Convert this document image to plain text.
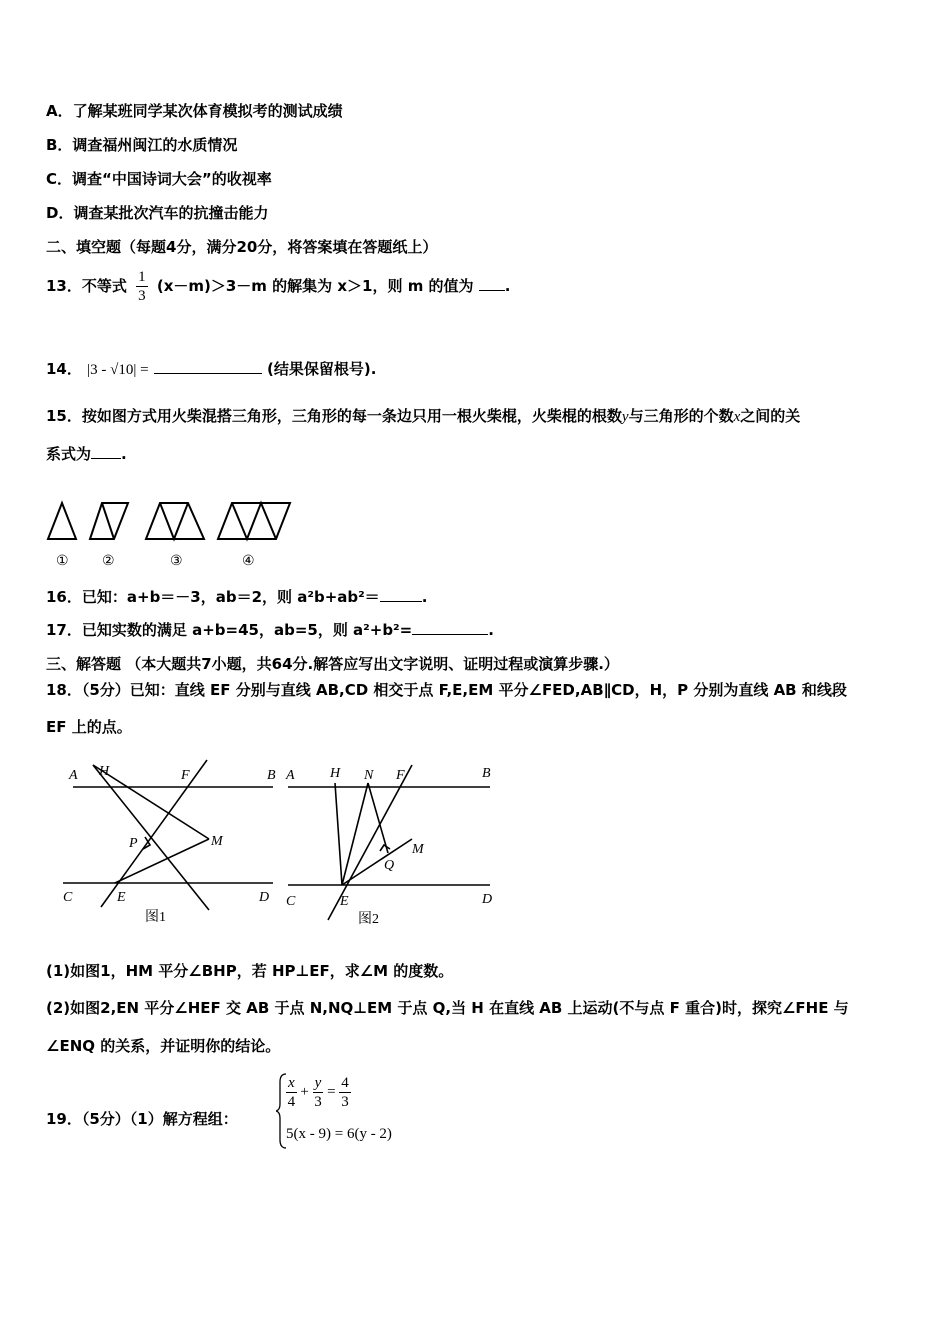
A．了解某班同学某次体育模拟考的测试成绩
B．调查福州闽江的水质情况
C．调查“中国诗词大会”的收视率
D．调查某批次汽车的抗撞击能力
二、填空题（每题4分，满分20分，将答案填在答题纸上）
13．不等式 $\frac{1}{3} (x-m)>3-m$ 的解集为 x＞1，则 m 的值为 .
14． |3 - √10| =	(结果保留根号).
15．按如图方式用火柴混搭三角形，三角形的每一条边只用一根火柴棍，火柴棍的根数y与三角形的个数x之间的关
系式为 .
① ②	③	④
16．已知：a+b＝－3，ab＝2，则 a²b+ab²＝	.
17．已知实数的满足 a+b=45，ab=5，则 a²+b²=	.
三、解答题 （本大题共7小题，共64分.解答应写出文字说明、证明过程或演算步骤.）
18．（5分）已知：直线 EF 分别与直线 AB,CD 相交于点 F,E,EM 平分∠FED,AB∥CD，H，P 分别为直线 AB 和线段
EF 上的点。
A H	F	B
P	M
C	E	D
图1
A	H N F	B
M
Q
C	E	D
图2
(1)如图1，HM 平分∠BHP，若 HP⊥EF，求∠M 的度数。
(2)如图2,EN 平分∠HEF 交 AB 于点 N,NQ⊥EM 于点 Q,当 H 在直线 AB 上运动(不与点 F 重合)时，探究∠FHE 与
∠ENQ 的关系，并证明你的结论。
19．（5分）（1）解方程组：
$\frac{x}{4} + \frac{y}{3} = \frac{4}{3}$
5(x - 9) = 6(y - 2)
